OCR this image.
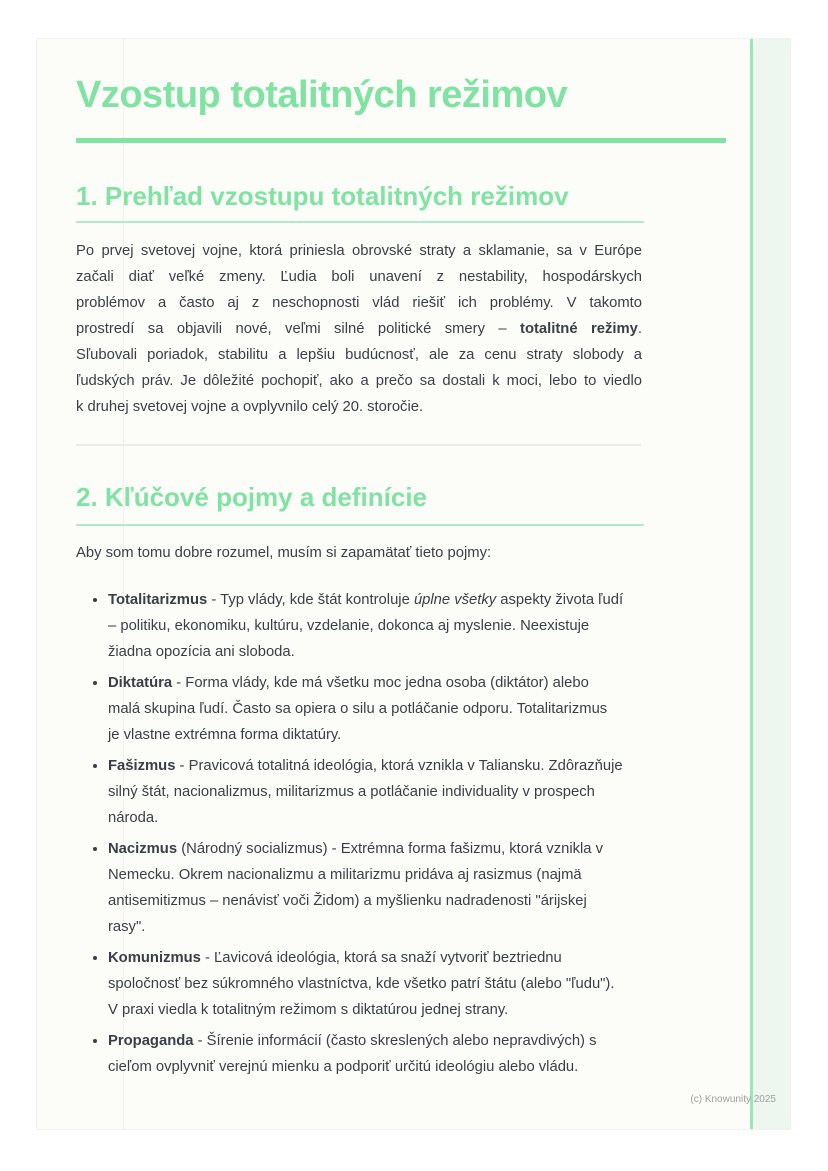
Vzostup totalitných režimov
1. Prehľad vzostupu totalitných režimov
Po prvej svetovej vojne, ktorá priniesla obrovské straty a sklamanie, sa v Európe
začali diať veľké zmeny. Ľudia boli unavení z nestability, hospodárskych
problémov a často aj z neschopnosti vlád riešiť ich problémy. V takomto
prostredí sa objavili nové, veľmi silné politické smery – totalitné režimy.
Sľubovali poriadok, stabilitu a lepšiu budúcnosť, ale za cenu straty slobody a
ľudských práv. Je dôležité pochopiť, ako a prečo sa dostali k moci, lebo to viedlo
k druhej svetovej vojne a ovplyvnilo celý 20. storočie.
2. Kľúčové pojmy a definície

Aby som tomu dobre rozumel, musím si zapamätať tieto pojmy:

Totalitarizmus - Typ vlády, kde štát kontroluje úplne všetky aspekty života ľudí
– politiku, ekonomiku, kultúru, vzdelanie, dokonca aj myslenie. Neexistuje
žiadna opozícia ani sloboda.
Diktatúra - Forma vlády, kde má všetku moc jedna osoba (diktátor) alebo
malá skupina ľudí. Často sa opiera o silu a potláčanie odporu. Totalitarizmus
je vlastne extrémna forma diktatúry.
Fašizmus - Pravicová totalitná ideológia, ktorá vznikla v Taliansku. Zdôrazňuje
silný štát, nacionalizmus, militarizmus a potláčanie individuality v prospech
národa.
Nacizmus (Národný socializmus) - Extrémna forma fašizmu, ktorá vznikla v
Nemecku. Okrem nacionalizmu a militarizmu pridáva aj rasizmus (najmä
antisemitizmus – nenávisť voči Židom) a myšlienku nadradenosti "árijskej
rasy".
Komunizmus - Ľavicová ideológia, ktorá sa snaží vytvoriť beztriednu
spoločnosť bez súkromného vlastníctva, kde všetko patrí štátu (alebo "ľudu").
V praxi viedla k totalitným režimom s diktatúrou jednej strany.
Propaganda - Šírenie informácií (často skreslených alebo nepravdivých) s
cieľom ovplyvniť verejnú mienku a podporiť určitú ideológiu alebo vládu.
(c) Knowunity 2025
